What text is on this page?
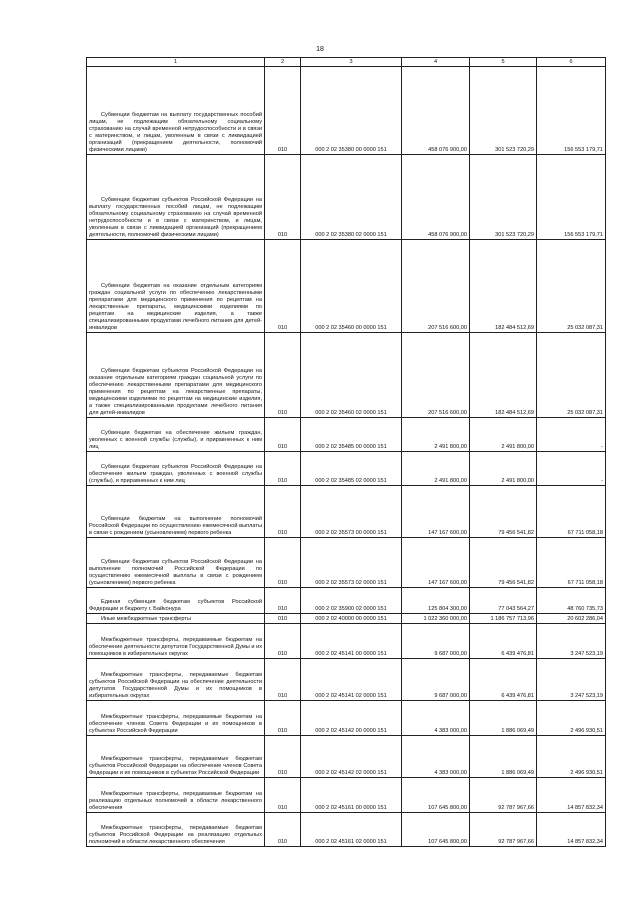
18
1	2	3	4	5	6
Субвенции бюджетам на выплату государственных пособий лицам, не подлежащим обязательному социальному страхованию на случай временной нетрудоспособности и в связи с материнством, и лицам, уволенным в связи с ликвидацией организаций (прекращением деятельности, полномочий физическими лицами)	010	000 2 02 35380 00 0000 151	458 076 900,00	301 523 720,29	156 553 179,71
Субвенции бюджетам субъектов Российской Федерации на выплату государственных пособий лицам, не подлежащим обязательному социальному страхованию на случай временной нетрудоспособности и в связи с материнством, и лицам, уволенным в связи с ликвидацией организаций (прекращением деятельности, полномочий физическими лицами)	010	000 2 02 35380 02 0000 151	458 076 900,00	301 523 720,29	156 553 179,71
Субвенции бюджетам на оказание отдельным категориям граждан социальной услуги по обеспечению лекарственными препаратами для медицинского применения по рецептам на лекарственные препараты, медицинскими изделиями по рецептам на медицинские изделия, а также специализированными продуктами лечебного питания для детей-инвалидов	010	000 2 02 35460 00 0000 151	207 516 600,00	182 484 512,69	25 032 087,31
Субвенции бюджетам субъектов Российской Федерации на оказание отдельным категориям граждан социальной услуги по обеспечению лекарственными препаратами для медицинского применения по рецептам на лекарственные препараты, медицинскими изделиями по рецептам на медицинские изделия, а также специализированными продуктами лечебного питания для детей-инвалидов	010	000 2 02 35460 02 0000 151	207 516 600,00	182 484 512,69	25 032 087,31
Субвенции бюджетам на обеспечение жильем граждан, уволенных с военной службы (службы), и приравненных к ним лиц	010	000 2 02 35485 00 0000 151	2 491 800,00	2 491 800,00	-
Субвенции бюджетам субъектов Российской Федерации на обеспечение жильем граждан, уволенных с военной службы (службы), и приравненных к ним лиц	010	000 2 02 35485 02 0000 151	2 491 800,00	2 491 800,00	-
Субвенции бюджетам на выполнение полномочий Российской Федерации по осуществлению ежемесячной выплаты в связи с рождением (усыновлением) первого ребенка	010	000 2 02 35573 00 0000 151	147 167 600,00	79 456 541,82	67 711 058,18
Субвенции бюджетам субъектов Российской Федерации на выполнение полномочий Российской Федерации по осуществлению ежемесячной выплаты в связи с рождением (усыновлением) первого ребенка	010	000 2 02 35573 02 0000 151	147 167 600,00	79 456 541,82	67 711 058,18
Единая субвенция бюджетам субъектов Российской Федерации и бюджету г. Байконура	010	000 2 02 35900 02 0000 151	125 804 300,00	77 043 564,27	48 760 735,73
Иные межбюджетные трансферты	010	000 2 02 40000 00 0000 151	1 022 360 000,00	1 186 757 713,96	20 602 286,04
Межбюджетные трансферты, передаваемые бюджетам на обеспечение деятельности депутатов Государственной Думы и их помощников в избирательных округах	010	000 2 02 45141 00 0000 151	9 687 000,00	6 439 476,81	3 247 523,19
Межбюджетные трансферты, передаваемые бюджетам субъектов Российской Федерации на обеспечение деятельности депутатов Государственной Думы и их помощников в избирательных округах	010	000 2 02 45141 02 0000 151	9 687 000,00	6 439 476,81	3 247 523,19
Межбюджетные трансферты, передаваемые бюджетам на обеспечение членов Совета Федерации и их помощников в субъектах Российской Федерации	010	000 2 02 45142 00 0000 151	4 383 000,00	1 886 069,49	2 496 930,51
Межбюджетные трансферты, передаваемые бюджетам субъектов Российской Федерации на обеспечение членов Совета Федерации и их помощников в субъектах Российской Федерации	010	000 2 02 45142 02 0000 151	4 383 000,00	1 886 069,49	2 496 930,51
Межбюджетные трансферты, передаваемые бюджетам на реализацию отдельных полномочий в области лекарственного обеспечения	010	000 2 02 45161 00 0000 151	107 645 800,00	92 787 967,66	14 857 832,34
Межбюджетные трансферты, передаваемые бюджетам субъектов Российской Федерации на реализацию отдельных полномочий в области лекарственного обеспечения	010	000 2 02 45161 02 0000 151	107 645 800,00	92 787 967,66	14 857 832,34
